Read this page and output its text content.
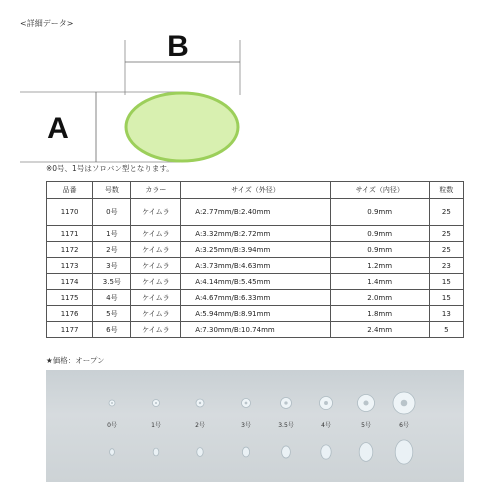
<詳細データ>
B
A
※0号、1号はソロバン型となります。
品番	号数	カラー	サイズ（外径）	サイズ（内径）	粒数
1170	0号	ケイムラ	A:2.77mm/B:2.40mm	0.9mm	25
1171	1号	ケイムラ	A:3.32mm/B:2.72mm	0.9mm	25
1172	2号	ケイムラ	A:3.25mm/B:3.94mm	0.9mm	25
1173	3号	ケイムラ	A:3.73mm/B:4.63mm	1.2mm	23
1174	3.5号	ケイムラ	A:4.14mm/B:5.45mm	1.4mm	15
1175	4号	ケイムラ	A:4.67mm/B:6.33mm	2.0mm	15
1176	5号	ケイムラ	A:5.94mm/B:8.91mm	1.8mm	13
1177	6号	ケイムラ	A:7.30mm/B:10.74mm	2.4mm	5
★価格：オープン
0号	1号	2号	3号	3.5号	4号	5号	6号
